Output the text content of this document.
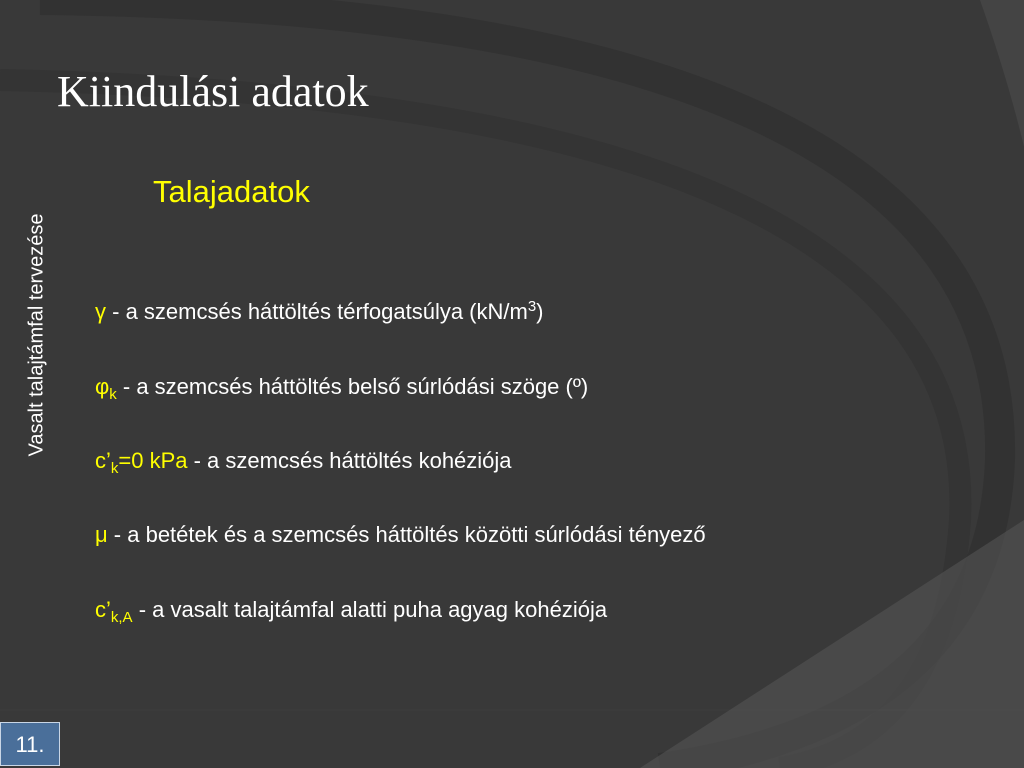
Kiindulási adatok
Vasalt talajtámfal tervezése
Talajadatok
γ - a szemcsés háttöltés térfogatsúlya $(kN/m^3)$
$\varphi_k$ - a szemcsés háttöltés belső súrlódási szöge (º)
$c’_k=0$ kPa - a szemcsés háttöltés kohéziója
μ - a betétek és a szemcsés háttöltés közötti súrlódási tényező
$c’_{k,A}$ - a vasalt talajtámfal alatti puha agyag kohéziója
11.
